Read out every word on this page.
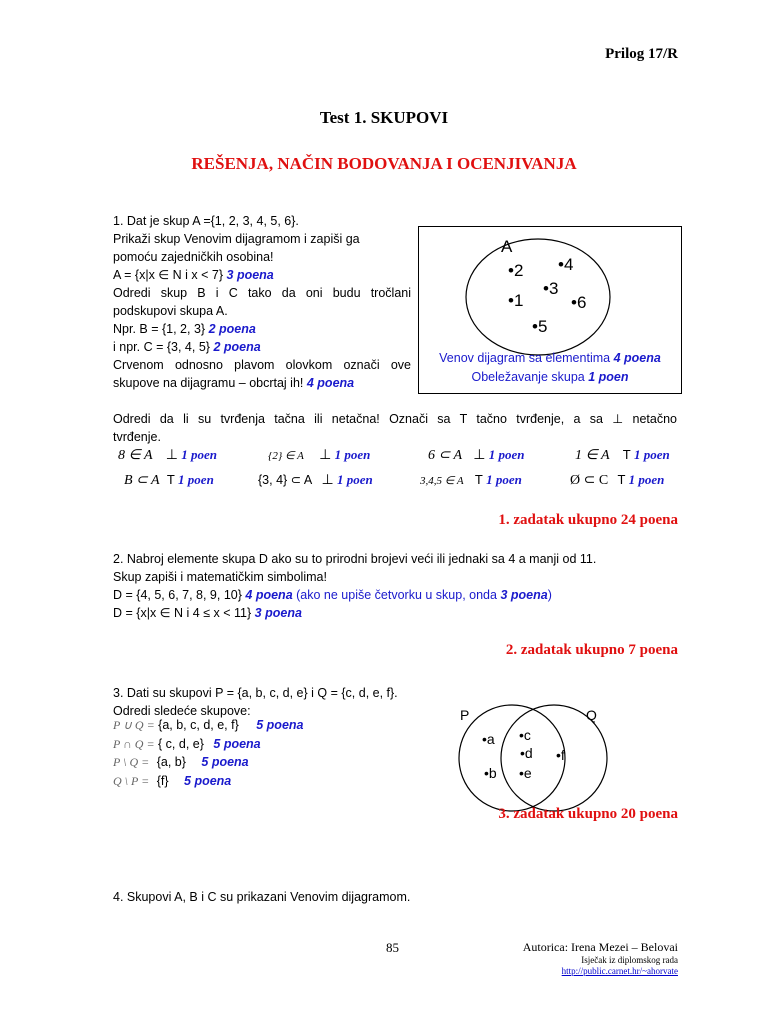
Prilog 17/R
Test 1. SKUPOVI
REŠENJA, NAČIN BODOVANJA I OCENJIVANJA
1. Dat je skup A ={1, 2, 3, 4, 5, 6}.
Prikaži skup Venovim dijagramom i zapiši ga
pomoću zajedničkih osobina!
A = {x|x ∈ N i x < 7} 3 poena
Odredi skup B i C tako da oni budu tročlani
podskupovi skupa A.
Npr. B = {1, 2, 3} 2 poena
i npr. C = {3, 4, 5} 2 poena
Crvenom odnosno plavom olovkom označi ove
skupove na dijagramu – obcrtaj ih! 4 poena
A
•2 •4
•3
•1	•6
•5
Venov dijagram sa elementima 4 poena
Obeležavanje skupa 1 poen
Odredi da li su tvrđenja tačna ili netačna! Označi sa T tačno tvrđenje, a sa ⊥ netačno
tvrđenje.
8 ∈ A ⊥ 1 poen	{2} ∈ A ⊥ 1 poen	6 ⊂ A ⊥ 1 poen	1 ∈ A T 1 poen
B ⊂ A T 1 poen	{3, 4} ⊂ A ⊥ 1 poen	3,4,5 ∈ A T 1 poen	Ø ⊂ C T 1 poen
1. zadatak ukupno 24 poena
2. Nabroj elemente skupa D ako su to prirodni brojevi veći ili jednaki sa 4 a manji od 11.
Skup zapiši i matematičkim simbolima!
D = {4, 5, 6, 7, 8, 9, 10} 4 poena (ako ne upiše četvorku u skup, onda 3 poena)
D = {x|x ∈ N i 4 ≤ x < 11} 3 poena
2. zadatak ukupno 7 poena
3. Dati su skupovi P = {a, b, c, d, e} i Q = {c, d, e, f}.
Odredi sledeće skupove:
P ∪ Q = {a, b, c, d, e, f} 5 poena
P ∩ Q = { c, d, e} 5 poena
P \ Q = {a, b} 5 poena
Q \ P = {f} 5 poena
P	Q
•a •c
•d •f
•b •e
3. zadatak ukupno 20 poena
4. Skupovi A, B i C su prikazani Venovim dijagramom.
85	Autorica: Irena Mezei – Belovai
Isječak iz diplomskog rada
http://public.carnet.hr/~ahorvate
